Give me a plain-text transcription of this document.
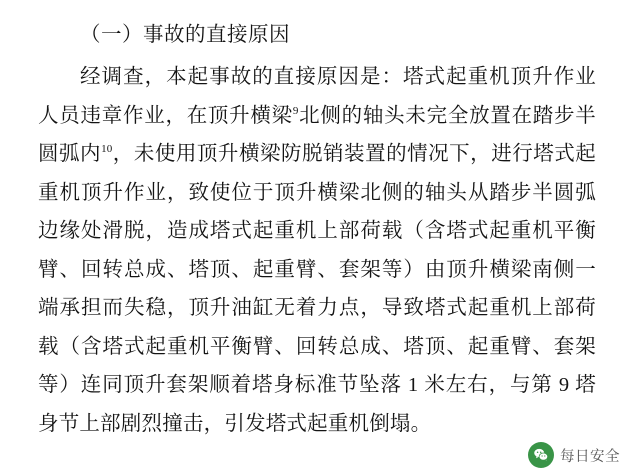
（一）事故的直接原因

经调查，本起事故的直接原因是：塔式起重机顶升作业人员违章作业，在顶升横梁$^9$北侧的轴头未完全放置在踏步半圆弧内$^{10}$，未使用顶升横梁防脱销装置的情况下，进行塔式起重机顶升作业，致使位于顶升横梁北侧的轴头从踏步半圆弧边缘处滑脱，造成塔式起重机上部荷载（含塔式起重机平衡臂、回转总成、塔顶、起重臂、套架等）由顶升横梁南侧一端承担而失稳，顶升油缸无着力点，导致塔式起重机上部荷载（含塔式起重机平衡臂、回转总成、塔顶、起重臂、套架等）连同顶升套架顺着塔身标准节坠落 1 米左右，与第 9 塔身节上部剧烈撞击，引发塔式起重机倒塌。

每日安全
